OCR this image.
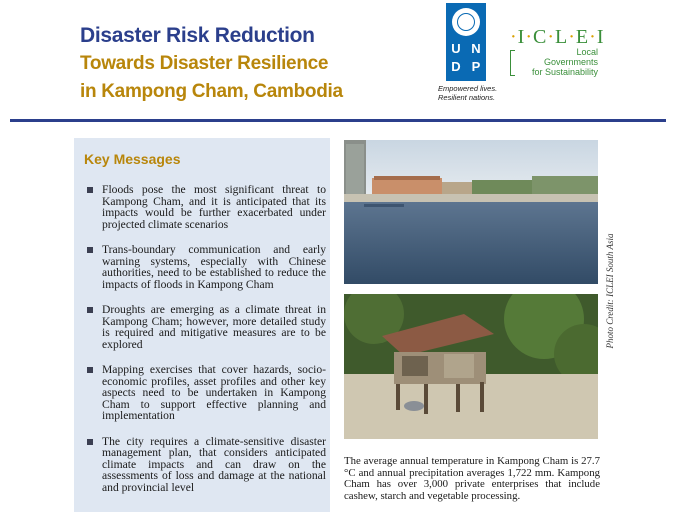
Disaster Risk Reduction
Towards Disaster Resilience
in Kampong Cham, Cambodia
U N
D P
Empowered lives.
Resilient nations.
·I·C·L·E·I
Local
Governments
for Sustainability
Key Messages
Floods pose the most significant threat to Kampong Cham, and it is anticipated that its impacts would be further exacerbated under projected climate scenarios
Trans-boundary communication and early warning systems, especially with Chinese authorities, need to be established to reduce the impacts of floods in Kampong Cham
Droughts are emerging as a climate threat in Kampong Cham; however, more detailed study is required and mitigative measures are to be explored
Mapping exercises that cover hazards, socio-economic profiles, asset profiles and other key aspects need to be undertaken in Kampong Cham to support effective planning and implementation
The city requires a climate-sensitive disaster management plan, that considers anticipated climate impacts and can draw on the assessments of loss and damage at the national and provincial level
Photo Credit: ICLEI South Asia
The average annual temperature in Kampong Cham is 27.7 °C and annual precipitation averages 1,722 mm. Kampong Cham has over 3,000 private enterprises that include cashew, starch and vegetable processing.
